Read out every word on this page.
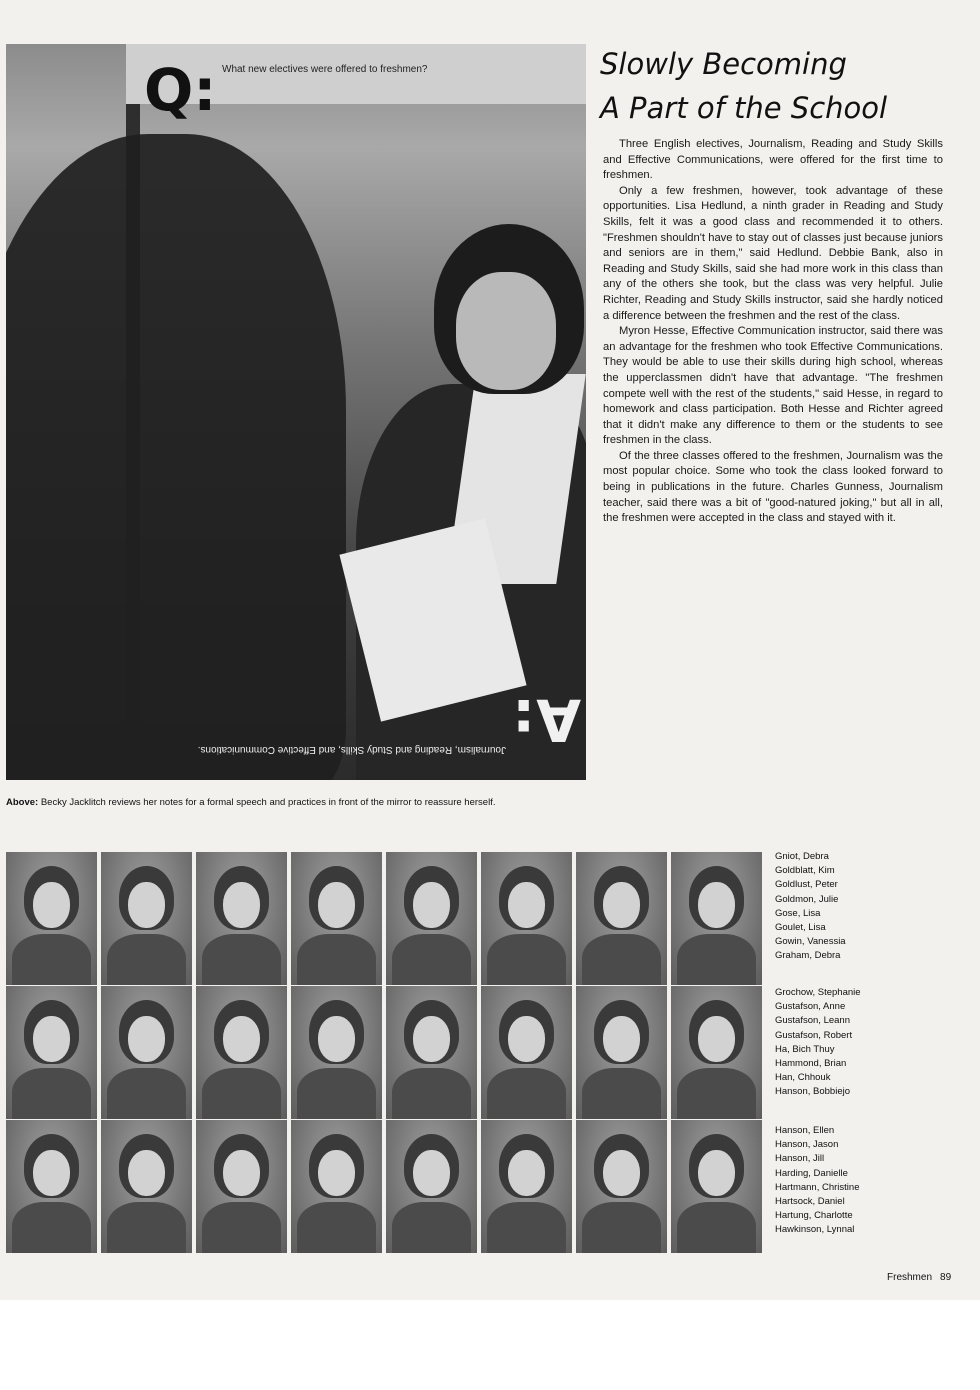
Q: What new electives were offered to freshmen?
A:
Journalism, Reading and Study Skills, and Effective Communications.
Above: Becky Jacklitch reviews her notes for a formal speech and practices in front of the mirror to reassure herself.
Slowly Becoming
A Part of the School

Three English electives, Journalism, Reading and Study Skills and Effective Communications, were offered for the first time to freshmen.

Only a few freshmen, however, took advantage of these opportunities. Lisa Hedlund, a ninth grader in Reading and Study Skills, felt it was a good class and recommended it to others. "Freshmen shouldn't have to stay out of classes just because juniors and seniors are in them," said Hedlund. Debbie Bank, also in Reading and Study Skills, said she had more work in this class than any of the others she took, but the class was very helpful. Julie Richter, Reading and Study Skills instructor, said she hardly noticed a difference between the freshmen and the rest of the class.

Myron Hesse, Effective Communication instructor, said there was an advantage for the freshmen who took Effective Communications. They would be able to use their skills during high school, whereas the upperclassmen didn't have that advantage. "The freshmen compete well with the rest of the students," said Hesse, in regard to homework and class participation. Both Hesse and Richter agreed that it didn't make any difference to them or the students to see freshmen in the class.

Of the three classes offered to the freshmen, Journalism was the most popular choice. Some who took the class looked forward to being in publications in the future. Charles Gunness, Journalism teacher, said there was a bit of "good-natured joking," but all in all, the freshmen were accepted in the class and stayed with it.

Gniot, Debra
Goldblatt, Kim
Goldlust, Peter
Goldmon, Julie
Gose, Lisa
Goulet, Lisa
Gowin, Vanessia
Graham, Debra
Grochow, Stephanie
Gustafson, Anne
Gustafson, Leann
Gustafson, Robert
Ha, Bich Thuy
Hammond, Brian
Han, Chhouk
Hanson, Bobbiejo
Hanson, Ellen
Hanson, Jason
Hanson, Jill
Harding, Danielle
Hartmann, Christine
Hartsock, Daniel
Hartung, Charlotte
Hawkinson, Lynnal
Freshmen 89
